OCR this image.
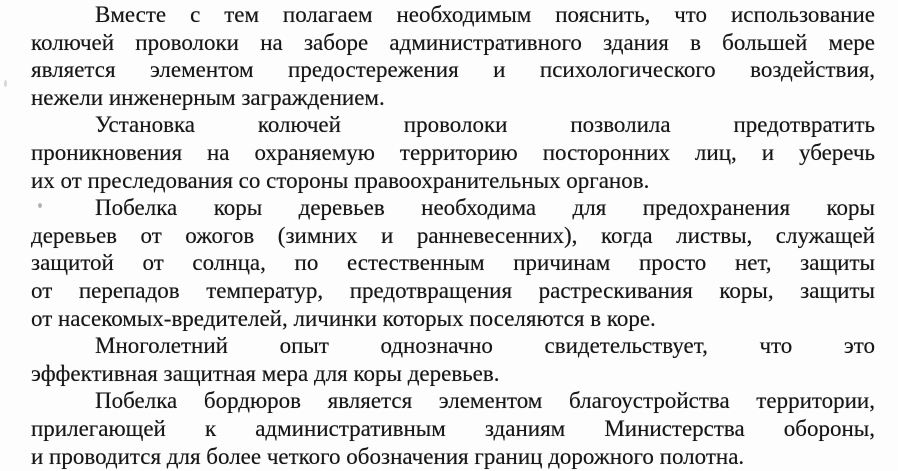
Вместе с тем полагаем необходимым пояснить, что использование
колючей проволоки на заборе административного здания в большей мере
является элементом предостережения и психологического воздействия,
нежели инженерным заграждением.

Установка колючей проволоки позволила предотвратить
проникновения на охраняемую территорию посторонних лиц, и уберечь
их от преследования со стороны правоохранительных органов.

Побелка коры деревьев необходима для предохранения коры
деревьев от ожогов (зимних и ранневесенних), когда листвы, служащей
защитой от солнца, по естественным причинам просто нет, защиты
от перепадов температур, предотвращения растрескивания коры, защиты
от насекомых-вредителей, личинки которых поселяются в коре.

Многолетний опыт однозначно свидетельствует, что это
эффективная защитная мера для коры деревьев.

Побелка бордюров является элементом благоустройства территории,
прилегающей к административным зданиям Министерства обороны,
и проводится для более четкого обозначения границ дорожного полотна.
